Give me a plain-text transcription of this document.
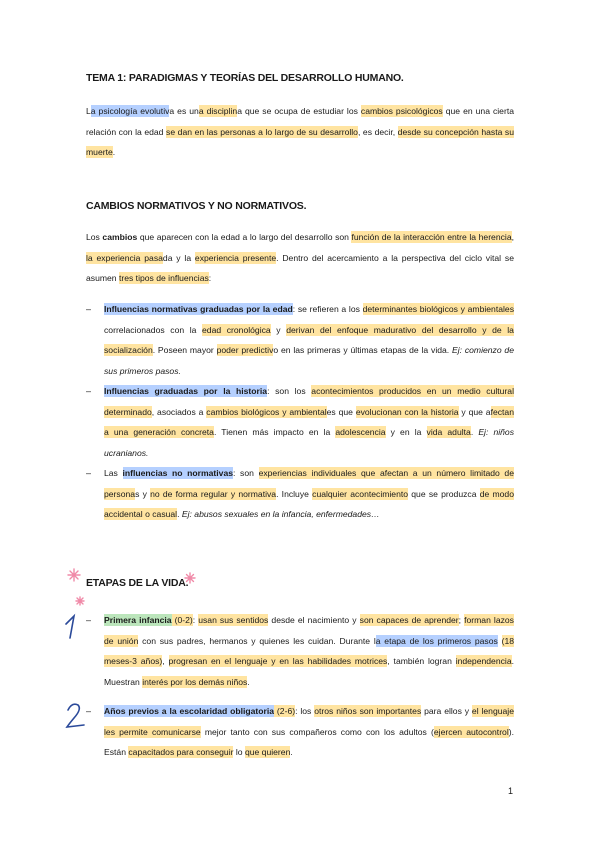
TEMA 1: PARADIGMAS Y TEORÍAS DEL DESARROLLO HUMANO.
La psicología evolutiva es una disciplina que se ocupa de estudiar los cambios psicológicos que en una cierta relación con la edad se dan en las personas a lo largo de su desarrollo, es decir, desde su concepción hasta su muerte.
CAMBIOS NORMATIVOS Y NO NORMATIVOS.
Los cambios que aparecen con la edad a lo largo del desarrollo son función de la interacción entre la herencia, la experiencia pasada y la experiencia presente. Dentro del acercamiento a la perspectiva del ciclo vital se asumen tres tipos de influencias:
– Influencias normativas graduadas por la edad: se refieren a los determinantes biológicos y ambientales correlacionados con la edad cronológica y derivan del enfoque madurativo del desarrollo y de la socialización. Poseen mayor poder predictivo en las primeras y últimas etapas de la vida. Ej: comienzo de sus primeros pasos.
– Influencias graduadas por la historia: son los acontecimientos producidos en un medio cultural determinado, asociados a cambios biológicos y ambientales que evolucionan con la historia y que afectan a una generación concreta. Tienen más impacto en la adolescencia y en la vida adulta. Ej: niños ucranianos.
– Las influencias no normativas: son experiencias individuales que afectan a un número limitado de personas y no de forma regular y normativa. Incluye cualquier acontecimiento que se produzca de modo accidental o casual. Ej: abusos sexuales en la infancia, enfermedades…
ETAPAS DE LA VIDA.
– Primera infancia (0-2): usan sus sentidos desde el nacimiento y son capaces de aprender; forman lazos de unión con sus padres, hermanos y quienes les cuidan. Durante la etapa de los primeros pasos (18 meses-3 años), progresan en el lenguaje y en las habilidades motrices, también logran independencia. Muestran interés por los demás niños.
– Años previos a la escolaridad obligatoria (2-6): los otros niños son importantes para ellos y el lenguaje les permite comunicarse mejor tanto con sus compañeros como con los adultos (ejercen autocontrol). Están capacitados para conseguir lo que quieren.
1
